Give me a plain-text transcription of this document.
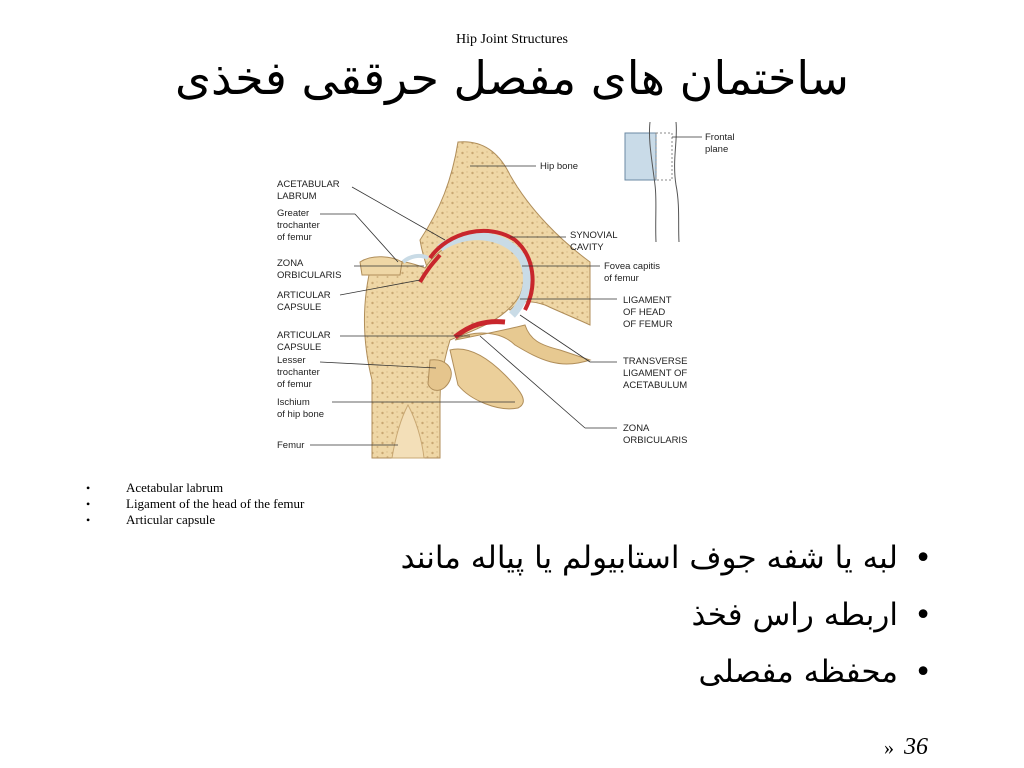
Hip Joint Structures
ساختمان های مفصل حرققی فخذی
ACETABULAR LABRUM
Greater trochanter of femur
ZONA ORBICULARIS
ARTICULAR CAPSULE
ARTICULAR CAPSULE
Lesser trochanter of femur
Ischium of hip bone
Femur
Hip bone
SYNOVIAL CAVITY
Fovea capitis of femur
LIGAMENT OF HEAD OF FEMUR
TRANSVERSE LIGAMENT OF ACETABULUM
ZONA ORBICULARIS
Frontal plane
• Acetabular labrum
• Ligament of the head of the femur
• Articular capsule
• لبه یا شفه جوف استابیولم یا پیاله مانند
• اربطه راس فخذ
• محفظه مفصلی
» 36
